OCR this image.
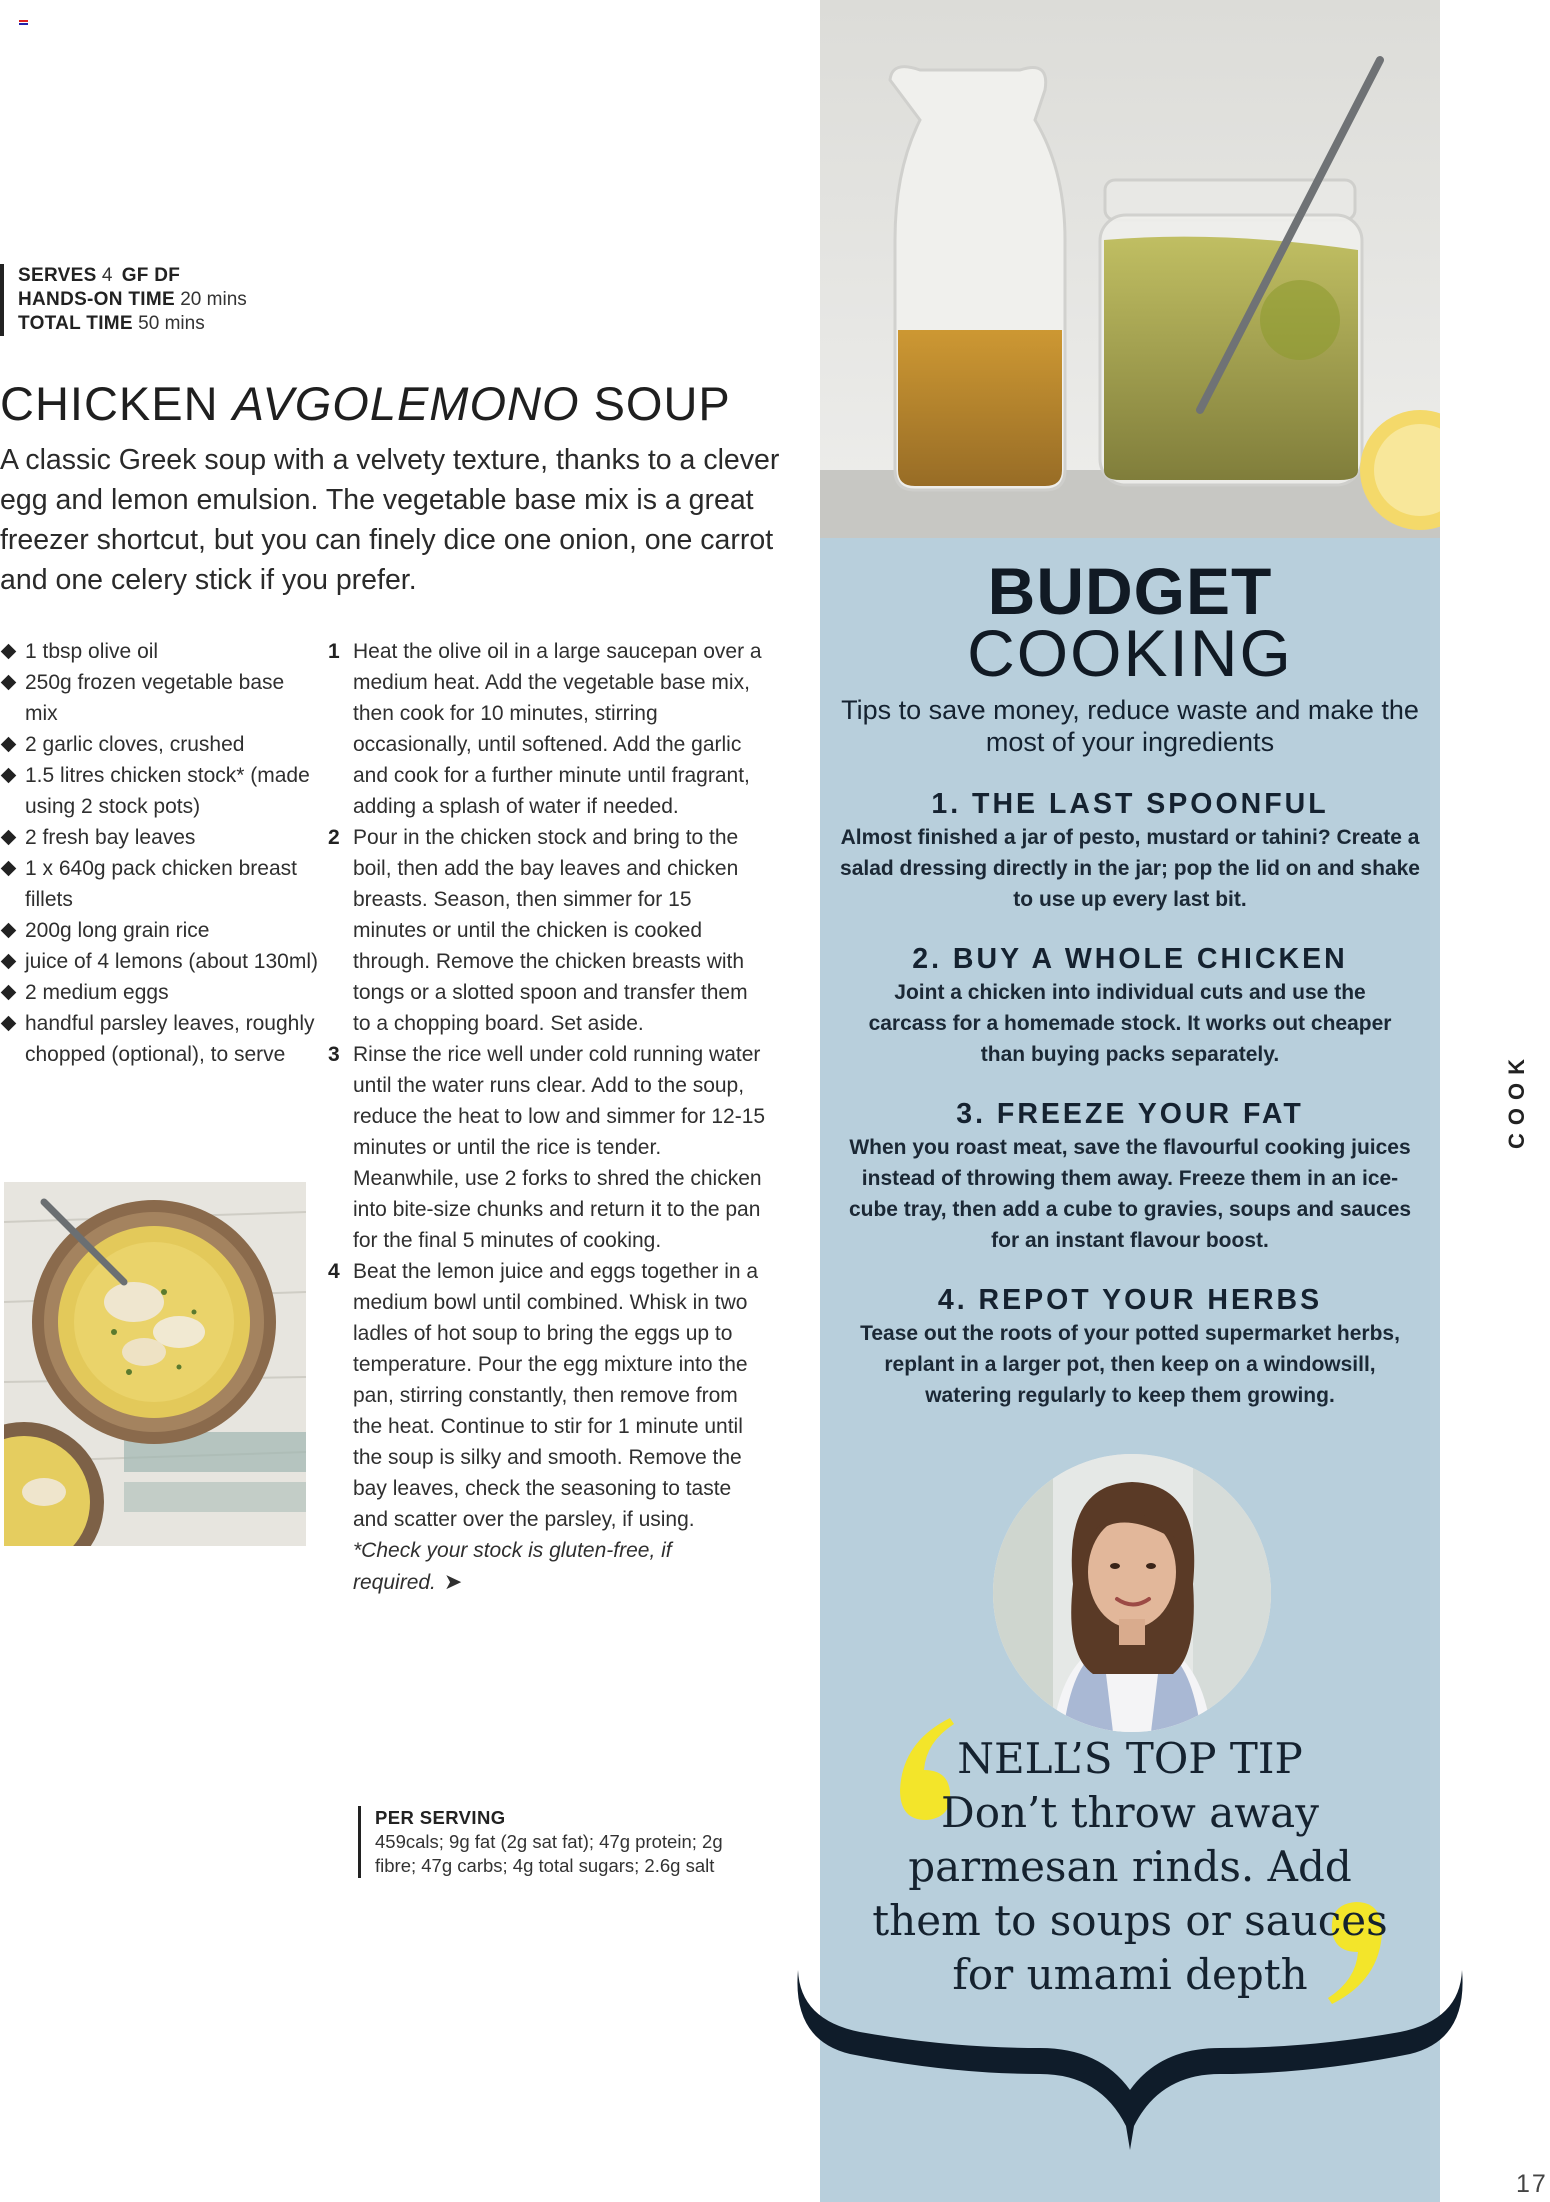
SERVES 4 GF DF
HANDS-ON TIME 20 mins
TOTAL TIME 50 mins
CHICKEN AVGOLEMONO SOUP

A classic Greek soup with a velvety texture, thanks to a clever egg and lemon emulsion. The vegetable base mix is a great freezer shortcut, but you can finely dice one onion, one carrot and one celery stick if you prefer.

1 tbsp olive oil
250g frozen vegetable base mix
2 garlic cloves, crushed
1.5 litres chicken stock* (made using 2 stock pots)
2 fresh bay leaves
1 x 640g pack chicken breast fillets
200g long grain rice
juice of 4 lemons (about 130ml)
2 medium eggs
handful parsley leaves, roughly chopped (optional), to serve
1 Heat the olive oil in a large saucepan over a medium heat. Add the vegetable base mix, then cook for 10 minutes, stirring occasionally, until softened. Add the garlic and cook for a further minute until fragrant, adding a splash of water if needed.
2 Pour in the chicken stock and bring to the boil, then add the bay leaves and chicken breasts. Season, then simmer for 15 minutes or until the chicken is cooked through. Remove the chicken breasts with tongs or a slotted spoon and transfer them to a chopping board. Set aside.
3 Rinse the rice well under cold running water until the water runs clear. Add to the soup, reduce the heat to low and simmer for 12-15 minutes or until the rice is tender. Meanwhile, use 2 forks to shred the chicken into bite-size chunks and return it to the pan for the final 5 minutes of cooking.
4 Beat the lemon juice and eggs together in a medium bowl until combined. Whisk in two ladles of hot soup to bring the eggs up to temperature. Pour the egg mixture into the pan, stirring constantly, then remove from the heat. Continue to stir for 1 minute until the soup is silky and smooth. Remove the bay leaves, check the seasoning to taste and scatter over the parsley, if using.
*Check your stock is gluten-free, if required. ➤
PER SERVING
459cals; 9g fat (2g sat fat); 47g protein; 2g fibre; 47g carbs; 4g total sugars; 2.6g salt
BUDGET
COOKING
Tips to save money, reduce waste and make the most of your ingredients
1. THE LAST SPOONFUL

Almost finished a jar of pesto, mustard or tahini? Create a salad dressing directly in the jar; pop the lid on and shake to use up every last bit.

2. BUY A WHOLE CHICKEN

Joint a chicken into individual cuts and use the carcass for a homemade stock. It works out cheaper than buying packs separately.

3. FREEZE YOUR FAT

When you roast meat, save the flavourful cooking juices instead of throwing them away. Freeze them in an ice-cube tray, then add a cube to gravies, soups and sauces for an instant flavour boost.

4. REPOT YOUR HERBS

Tease out the roots of your potted supermarket herbs, replant in a larger pot, then keep on a windowsill, watering regularly to keep them growing.

NELL’S TOP TIP
Don’t throw away parmesan rinds. Add them to soups or sauces for umami depth
COOK
17
